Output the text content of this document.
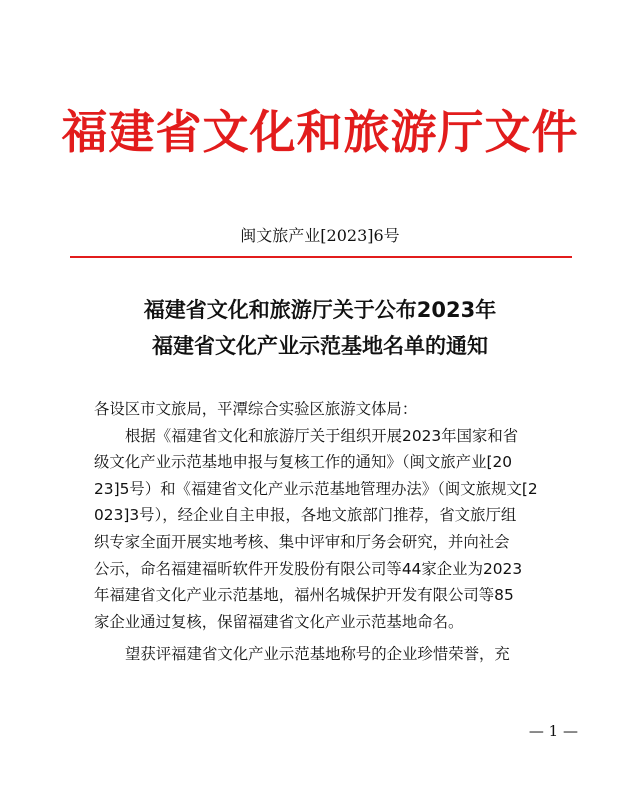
福建省文化和旅游厅文件
闽文旅产业[2023]6号
福建省文化和旅游厅关于公布2023年
福建省文化产业示范基地名单的通知
各设区市文旅局，平潭综合实验区旅游文体局：
根据《福建省文化和旅游厅关于组织开展2023年国家和省
级文化产业示范基地申报与复核工作的通知》（闽文旅产业[20
23]5号）和《福建省文化产业示范基地管理办法》（闽文旅规文[2
023]3号），经企业自主申报，各地文旅部门推荐，省文旅厅组
织专家全面开展实地考核、集中评审和厅务会研究，并向社会
公示，命名福建福昕软件开发股份有限公司等44家企业为2023
年福建省文化产业示范基地，福州名城保护开发有限公司等85
家企业通过复核，保留福建省文化产业示范基地命名。
望获评福建省文化产业示范基地称号的企业珍惜荣誉，充
— 1 —
